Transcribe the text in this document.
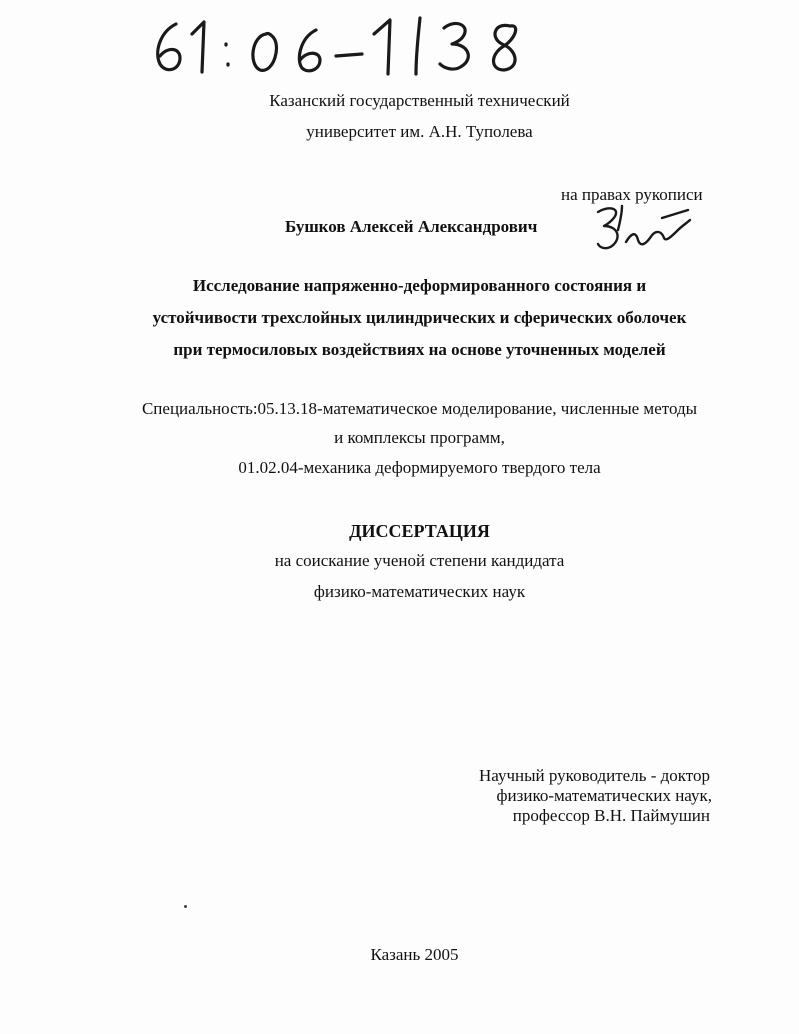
Казанский государственный технический
университет им. А.Н. Туполева
на правах рукописи
Бушков Алексей Александрович
Исследование напряженно-деформированного состояния и
устойчивости трехслойных цилиндрических и сферических оболочек
при термосиловых воздействиях на основе уточненных моделей
Специальность:05.13.18-математическое моделирование, численные методы
и комплексы программ,
01.02.04-механика деформируемого твердого тела
ДИССЕРТАЦИЯ
на соискание ученой степени кандидата
физико-математических наук
Научный руководитель - доктор
физико-математических наук,
профессор В.Н. Паймушин
Казань 2005
